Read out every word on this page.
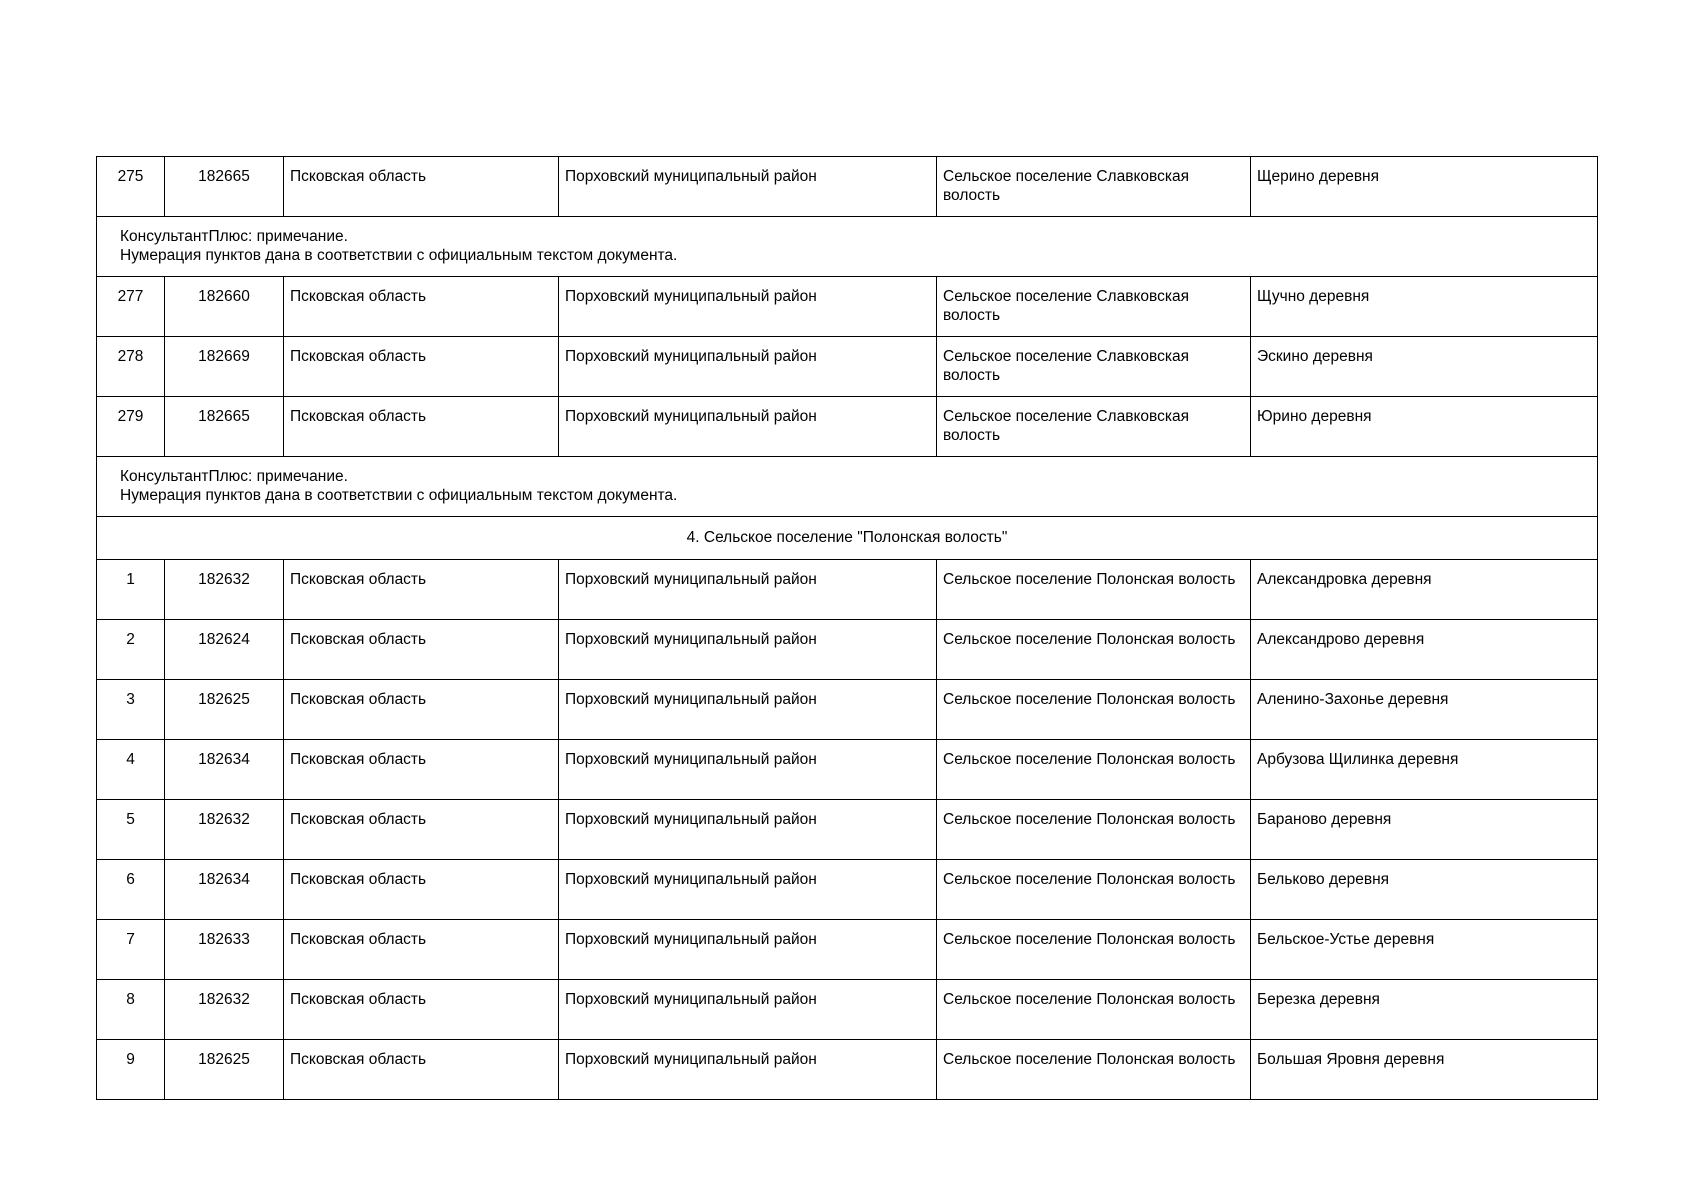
275	182665	Псковская область	Порховский муниципальный район	Сельское поселение Славковская волость	Щерино деревня

КонсультантПлюс: примечание.
Нумерация пунктов дана в соответствии с официальным текстом документа.					

277	182660	Псковская область	Порховский муниципальный район	Сельское поселение Славковская волость	Щучно деревня
278	182669	Псковская область	Порховский муниципальный район	Сельское поселение Славковская волость	Эскино деревня
279	182665	Псковская область	Порховский муниципальный район	Сельское поселение Славковская волость	Юрино деревня

КонсультантПлюс: примечание.
Нумерация пунктов дана в соответствии с официальным текстом документа.					

4. Сельское поселение "Полонская волость"					
1	182632	Псковская область	Порховский муниципальный район	Сельское поселение Полонская волость	Александровка деревня
2	182624	Псковская область	Порховский муниципальный район	Сельское поселение Полонская волость	Александрово деревня
3	182625	Псковская область	Порховский муниципальный район	Сельское поселение Полонская волость	Аленино-Захонье деревня
4	182634	Псковская область	Порховский муниципальный район	Сельское поселение Полонская волость	Арбузова Щилинка деревня
5	182632	Псковская область	Порховский муниципальный район	Сельское поселение Полонская волость	Бараново деревня
6	182634	Псковская область	Порховский муниципальный район	Сельское поселение Полонская волость	Бельково деревня
7	182633	Псковская область	Порховский муниципальный район	Сельское поселение Полонская волость	Бельское-Устье деревня
8	182632	Псковская область	Порховский муниципальный район	Сельское поселение Полонская волость	Березка деревня
9	182625	Псковская область	Порховский муниципальный район	Сельское поселение Полонская волость	Большая Яровня деревня
